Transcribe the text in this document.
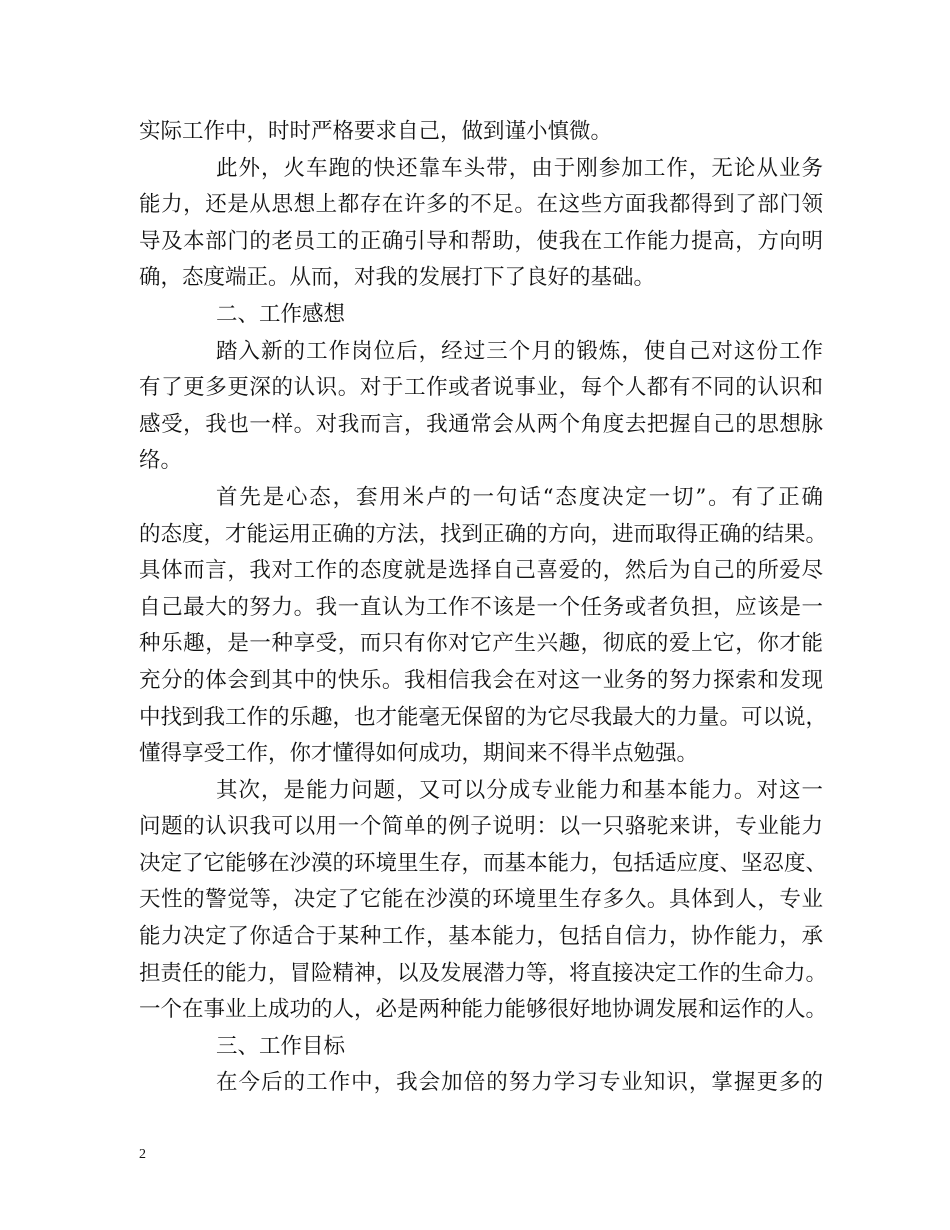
实际工作中，时时严格要求自己，做到谨小慎微。
此外，火车跑的快还靠车头带，由于刚参加工作，无论从业务
能力，还是从思想上都存在许多的不足。在这些方面我都得到了部门领
导及本部门的老员工的正确引导和帮助，使我在工作能力提高，方向明
确，态度端正。从而，对我的发展打下了良好的基础。
二、工作感想
踏入新的工作岗位后，经过三个月的锻炼，使自己对这份工作
有了更多更深的认识。对于工作或者说事业，每个人都有不同的认识和
感受，我也一样。对我而言，我通常会从两个角度去把握自己的思想脉
络。
首先是心态，套用米卢的一句话“态度决定一切”。有了正确
的态度，才能运用正确的方法，找到正确的方向，进而取得正确的结果。
具体而言，我对工作的态度就是选择自己喜爱的，然后为自己的所爱尽
自己最大的努力。我一直认为工作不该是一个任务或者负担，应该是一
种乐趣，是一种享受，而只有你对它产生兴趣，彻底的爱上它，你才能
充分的体会到其中的快乐。我相信我会在对这一业务的努力探索和发现
中找到我工作的乐趣，也才能毫无保留的为它尽我最大的力量。可以说，
懂得享受工作，你才懂得如何成功，期间来不得半点勉强。
其次，是能力问题，又可以分成专业能力和基本能力。对这一
问题的认识我可以用一个简单的例子说明：以一只骆驼来讲，专业能力
决定了它能够在沙漠的环境里生存，而基本能力，包括适应度、坚忍度、
天性的警觉等，决定了它能在沙漠的环境里生存多久。具体到人，专业
能力决定了你适合于某种工作，基本能力，包括自信力，协作能力，承
担责任的能力，冒险精神，以及发展潜力等，将直接决定工作的生命力。
一个在事业上成功的人，必是两种能力能够很好地协调发展和运作的人。
三、工作目标
在今后的工作中，我会加倍的努力学习专业知识，掌握更多的
2
